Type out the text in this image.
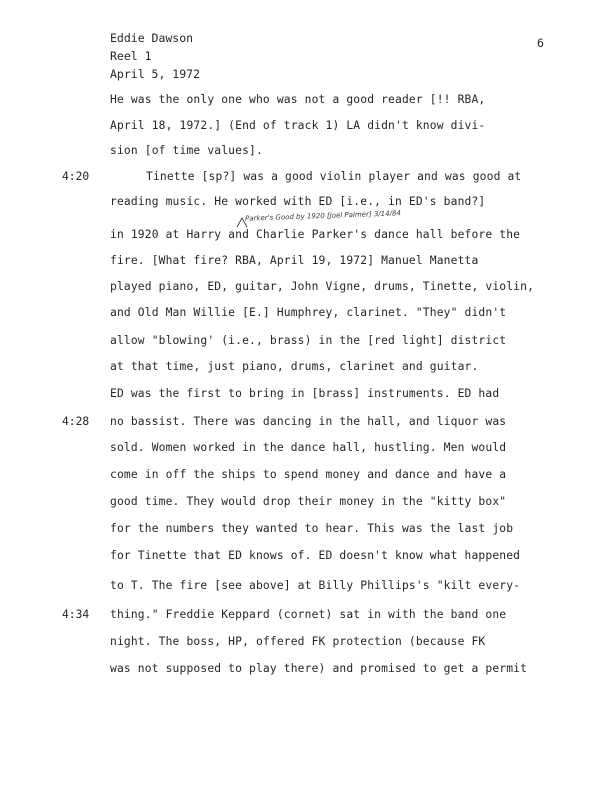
Eddie Dawson
Reel 1
April 5, 1972
6
4:20
4:28
4:34
Parker's Good by 1920 [Joel Palmer] 3/14/84
He was the only one who was not a good reader [!! RBA,
April 18, 1972.] (End of track 1) LA didn't know divi-
sion [of time values].
Tinette [sp?] was a good violin player and was good at
reading music. He worked with ED [i.e., in ED's band?]
in 1920 at Harry and Charlie Parker's dance hall before the
fire. [What fire? RBA, April 19, 1972] Manuel Manetta
played piano, ED, guitar, John Vigne, drums, Tinette, violin,
and Old Man Willie [E.] Humphrey, clarinet. "They" didn't
allow "blowing' (i.e., brass) in the [red light] district
at that time, just piano, drums, clarinet and guitar.
ED was the first to bring in [brass] instruments. ED had
no bassist. There was dancing in the hall, and liquor was
sold. Women worked in the dance hall, hustling. Men would
come in off the ships to spend money and dance and have a
good time. They would drop their money in the "kitty box"
for the numbers they wanted to hear. This was the last job
for Tinette that ED knows of. ED doesn't know what happened
to T. The fire [see above] at Billy Phillips's "kilt every-
thing." Freddie Keppard (cornet) sat in with the band one
night. The boss, HP, offered FK protection (because FK
was not supposed to play there) and promised to get a permit
